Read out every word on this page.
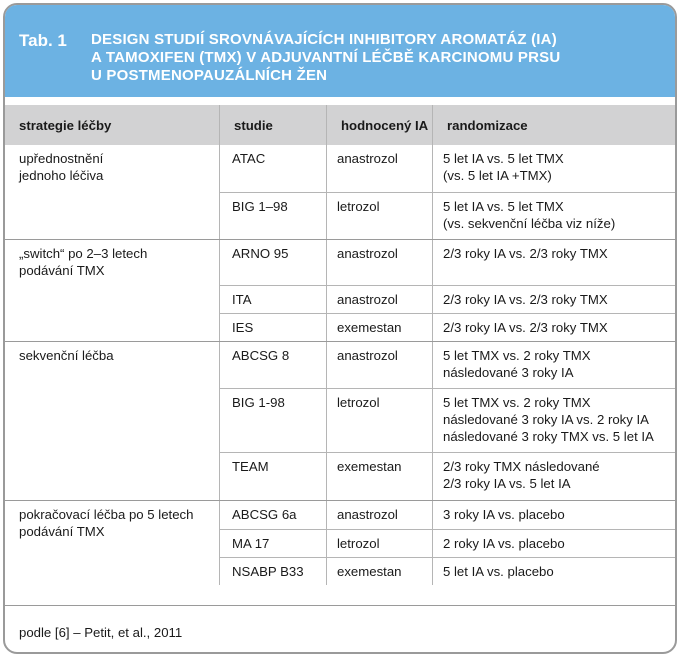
Tab. 1 DESIGN STUDIÍ SROVNÁVAJÍCÍCH INHIBITORY AROMATÁZ (IA)
A TAMOXIFEN (TMX) V ADJUVANTNÍ LÉČBĚ KARCINOMU PRSU
U POSTMENOPAUZÁLNÍCH ŽEN
strategie léčby	studie	hodnocený IA	randomizace

upřednostnění
jednoho léčiva	ATAC	anastrozol	5 let IA vs. 5 let TMX
(vs. 5 let IA +TMX)

	BIG 1–98	letrozol	5 let IA vs. 5 let TMX
(vs. sekvenční léčba viz níže)

„switch“ po 2–3 letech
podávání TMX	ARNO 95	anastrozol	2/3 roky IA vs. 2/3 roky TMX
	ITA	anastrozol	2/3 roky IA vs. 2/3 roky TMX
	IES	exemestan	2/3 roky IA vs. 2/3 roky TMX

sekvenční léčba	ABCSG 8	anastrozol	5 let TMX vs. 2 roky TMX
následované 3 roky IA

	BIG 1-98	letrozol	5 let TMX vs. 2 roky TMX
následované 3 roky IA vs. 2 roky IA
následované 3 roky TMX vs. 5 let IA

	TEAM	exemestan	2/3 roky TMX následované
2/3 roky IA vs. 5 let IA

pokračovací léčba po 5 letech
podávání TMX	ABCSG 6a	anastrozol	3 roky IA vs. placebo
	MA 17	letrozol	2 roky IA vs. placebo
	NSABP B33	exemestan	5 let IA vs. placebo
podle [6] – Petit, et al., 2011
